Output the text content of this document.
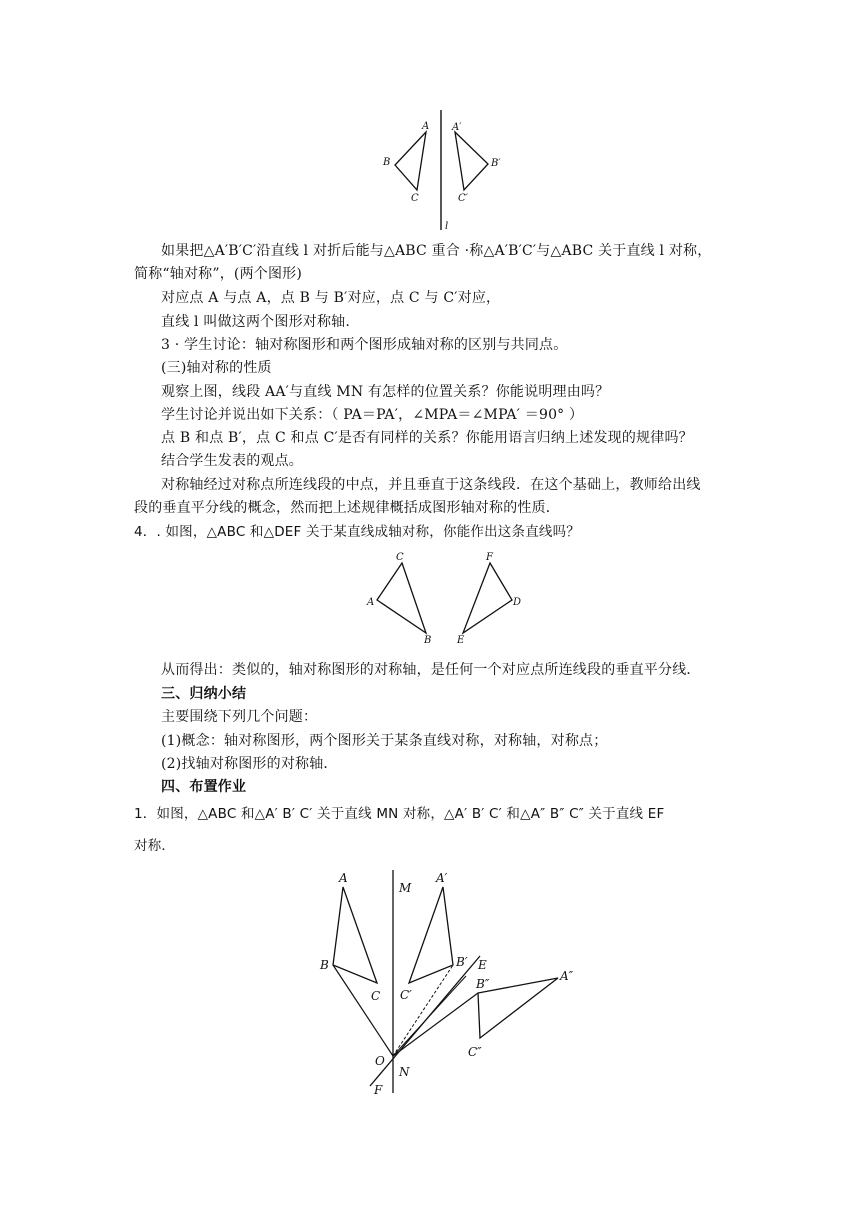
A
B
C
A′
B′
C′
l
如果把△A′B′C′沿直线 l 对折后能与△ABC 重合 ·称△A′B′C′与△ABC 关于直线 l 对称，
简称“轴对称”，(两个图形)
对应点 A 与点 A，点 B 与 B′对应，点 C 与 C′对应，
直线 l 叫做这两个图形对称轴.
3 · 学生讨论：轴对称图形和两个图形成轴对称的区别与共同点。
(三)轴对称的性质
观察上图，线段 AA′与直线 MN 有怎样的位置关系？你能说明理由吗？
学生讨论并说出如下关系：（ PA＝PA′，∠MPA＝∠MPA′ ＝90° ）
点 B 和点 B′，点 C 和点 C′是否有同样的关系？你能用语言归纳上述发现的规律吗？
结合学生发表的观点。
对称轴经过对称点所连线段的中点，并且垂直于这条线段．在这个基础上，教师给出线
段的垂直平分线的概念，然而把上述规律概括成图形轴对称的性质．
4．. 如图，△ABC 和△DEF 关于某直线成轴对称，你能作出这条直线吗？
C
A
B
F
D
E
从而得出：类似的，轴对称图形的对称轴，是任何一个对应点所连线段的垂直平分线．
三、归纳小结
主要围绕下列几个问题：
(1)概念：轴对称图形，两个图形关于某条直线对称，对称轴，对称点；
(2)找轴对称图形的对称轴．
四、布置作业
1．如图，△ABC 和△A′ B′ C′ 关于直线 MN 对称，△A′ B′ C′ 和△A″ B″ C″ 关于直线 EF
对称．
A
B
C
M
A′
B′
C′
E
B″
A″
C″
O
N
F
